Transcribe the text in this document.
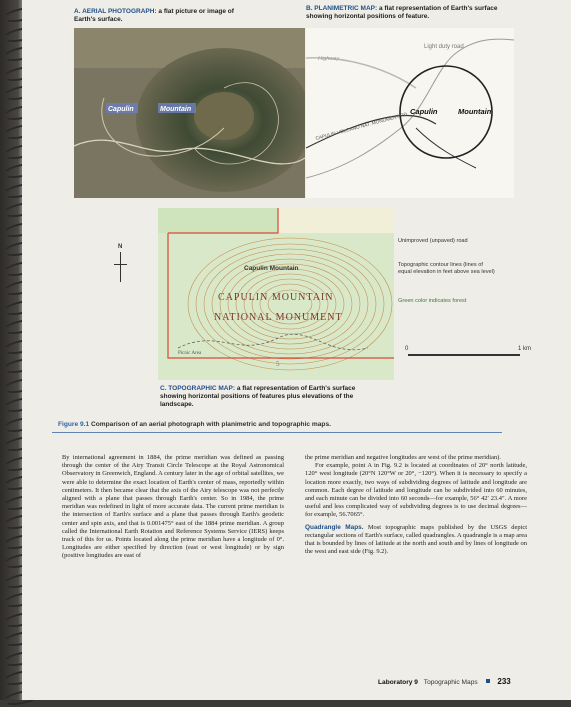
A. AERIAL PHOTOGRAPH: a flat picture or image of Earth's surface.
Capulin	Mountain
B. PLANIMETRIC MAP: a flat representation of Earth's surface showing horizontal positions of feature.
Light duty road
Highway
Capulin	Mountain
CAPULIN VOLCANO NAT. MONUMENT RD
Capulin Mountain
CAPULIN MOUNTAIN
NATIONAL MONUMENT
5
Picnic Area
N
Unimproved (unpaved) road
Topographic contour lines (lines of equal elevation in feet above sea level)
Green color indicates forest
0	1 km
C. TOPOGRAPHIC MAP: a flat representation of Earth's surface showing horizontal positions of features plus elevations of the landscape.
Figure 9.1 Comparison of an aerial photograph with planimetric and topographic maps.

By international agreement in 1884, the prime meridian was defined as passing through the center of the Airy Transit Circle Telescope at the Royal Astronomical Observatory in Greenwich, England. A century later in the age of orbital satellites, we were able to determine the exact location of Earth's center of mass, reportedly within centimeters. It then became clear that the axis of the Airy telescope was not perfectly aligned with a plane that passes through Earth's center. So in 1984, the prime meridian was redefined in light of more accurate data. The current prime meridian is the intersection of Earth's surface and a plane that passes through Earth's geodetic center and spin axis, and that is 0.001475° east of the 1884 prime meridian. A group called the International Earth Rotation and Reference Systems Service (IERS) keeps track of this for us. Points located along the prime meridian have a longitude of 0°. Longitudes are either specified by direction (east or west longitude) or by sign (positive longitudes are east of

the prime meridian and negative longitudes are west of the prime meridian).

For example, point A in Fig. 9.2 is located at coordinates of 20° north latitude, 120° west longitude (20°N 120°W or 20°, −120°). When it is necessary to specify a location more exactly, two ways of subdividing degrees of latitude and longitude are common. Each degree of latitude and longitude can be subdivided into 60 minutes, and each minute can be divided into 60 seconds—for example, 56° 42′ 23.4″. A more useful and less complicated way of subdividing degrees is to use decimal degrees—for example, 56.7065°.

Quadrangle Maps. Most topographic maps published by the USGS depict rectangular sections of Earth's surface, called quadrangles. A quadrangle is a map area that is bounded by lines of latitude at the north and south and by lines of longitude on the west and east side (Fig. 9.2).

Laboratory 9 Topographic Maps 233
